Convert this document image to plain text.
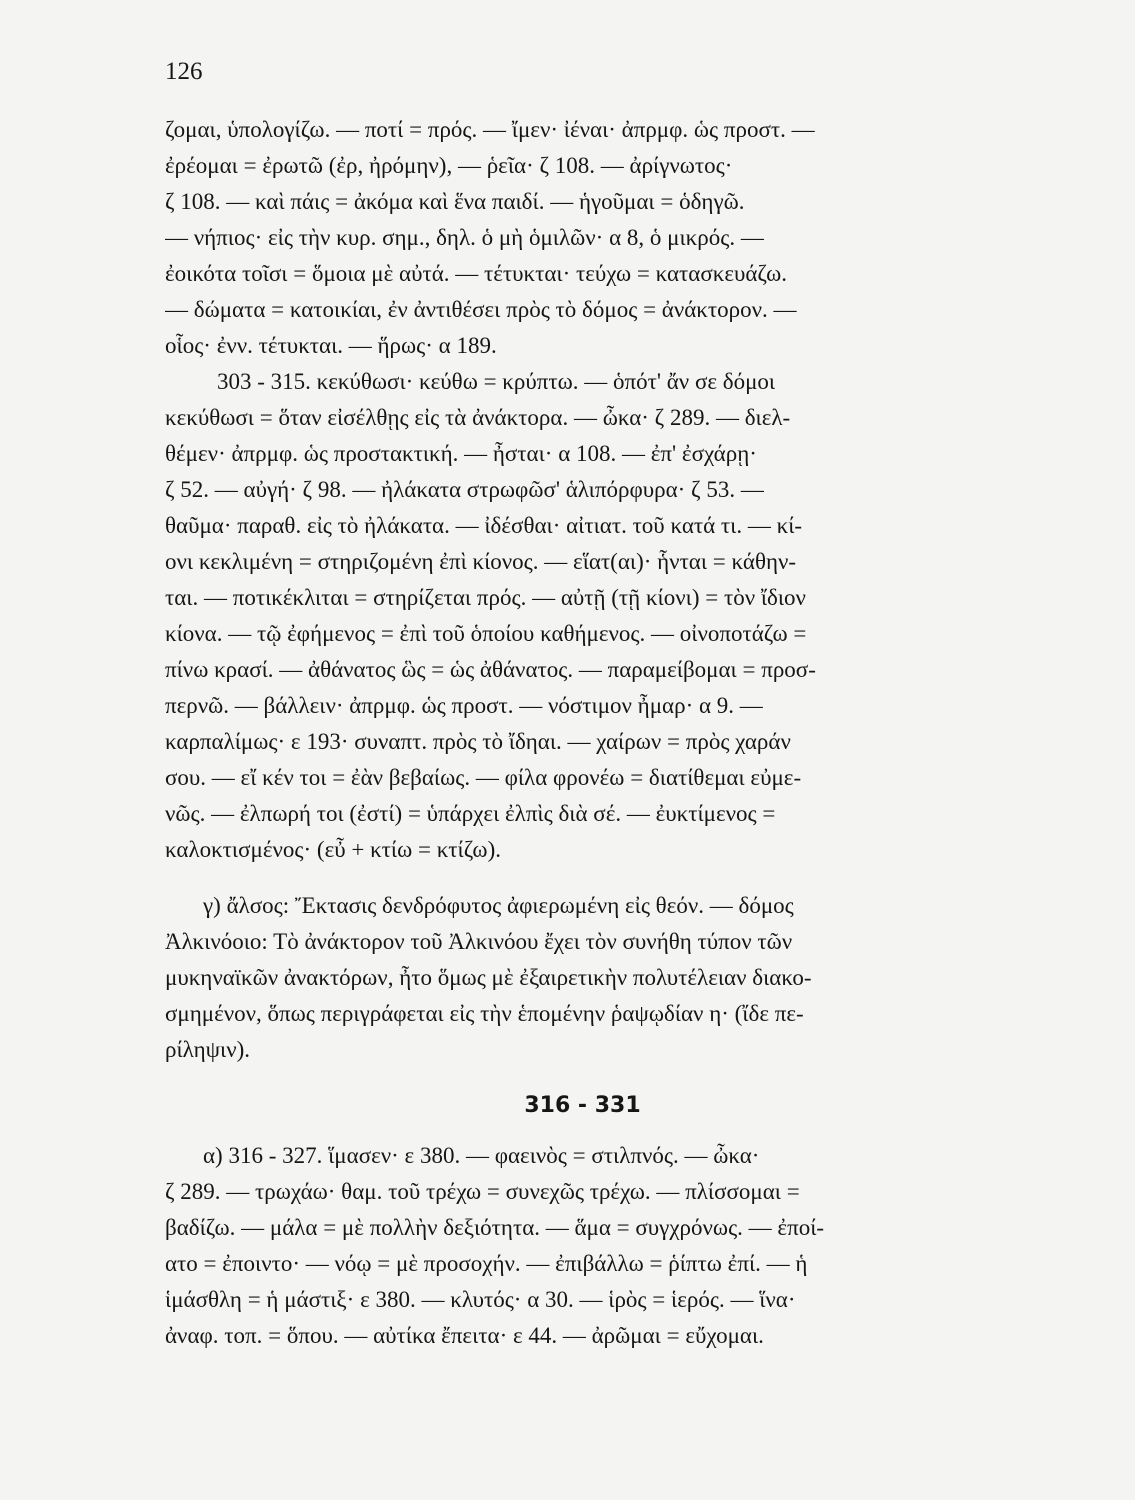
126
ζομαι, ὑπολογίζω. — ποτί = πρός. — ἴμεν· ἰέναι· ἀπρμφ. ὡς προστ. —
ἐρέομαι = ἐρωτῶ (ἐρ, ἠρόμην), — ῥεῖα· ζ 108. — ἀρίγνωτος·
ζ 108. — καὶ πάις = ἀκόμα καὶ ἕνα παιδί. — ἡγοῦμαι = ὁδηγῶ.
— νήπιος· εἰς τὴν κυρ. σημ., δηλ. ὁ μὴ ὁμιλῶν· α 8, ὁ μικρός. —
ἐοικότα τοῖσι = ὅμοια μὲ αὐτά. — τέτυκται· τεύχω = κατασκευάζω.
— δώματα = κατοικίαι, ἐν ἀντιθέσει πρὸς τὸ δόμος = ἀνάκτορον. —
οἷος· ἐνν. τέτυκται. — ἥρως· α 189.
303 - 315. κεκύθωσι· κεύθω = κρύπτω. — ὁπότ' ἄν σε δόμοι
κεκύθωσι = ὅταν εἰσέλθῃς εἰς τὰ ἀνάκτορα. — ὦκα· ζ 289. — διελ-
θέμεν· ἀπρμφ. ὡς προστακτική. — ἦσται· α 108. — ἐπ' ἐσχάρῃ·
ζ 52. — αὐγή· ζ 98. — ἠλάκατα στρωφῶσ' ἁλιπόρφυρα· ζ 53. —
θαῦμα· παραθ. εἰς τὸ ἠλάκατα. — ἰδέσθαι· αἰτιατ. τοῦ κατά τι. — κί-
ονι κεκλιμένη = στηριζομένη ἐπὶ κίονος. — εἵατ(αι)· ἧνται = κάθην-
ται. — ποτικέκλιται = στηρίζεται πρός. — αὐτῇ (τῇ κίονι) = τὸν ἴδιον
κίονα. — τῷ ἐφήμενος = ἐπὶ τοῦ ὁποίου καθήμενος. — οἰνοποτάζω =
πίνω κρασί. — ἀθάνατος ὣς = ὡς ἀθάνατος. — παραμείβομαι = προσ-
περνῶ. — βάλλειν· ἀπρμφ. ὡς προστ. — νόστιμον ἦμαρ· α 9. —
καρπαλίμως· ε 193· συναπτ. πρὸς τὸ ἴδηαι. — χαίρων = πρὸς χαράν
σου. — εἴ κέν τοι = ἐὰν βεβαίως. — φίλα φρονέω = διατίθεμαι εὐμε-
νῶς. — ἐλπωρή τοι (ἐστί) = ὑπάρχει ἐλπὶς διὰ σέ. — ἐυκτίμενος =
καλοκτισμένος· (εὖ + κτίω = κτίζω).
γ) ἄλσος: Ἔκτασις δενδρόφυτος ἀφιερωμένη εἰς θεόν. — δόμος
Ἀλκινόοιο: Τὸ ἀνάκτορον τοῦ Ἀλκινόου ἔχει τὸν συνήθη τύπον τῶν
μυκηναϊκῶν ἀνακτόρων, ἦτο ὅμως μὲ ἐξαιρετικὴν πολυτέλειαν διακο-
σμημένον, ὅπως περιγράφεται εἰς τὴν ἑπομένην ῥαψῳδίαν η· (ἴδε πε-
ρίληψιν).
316 - 331
α) 316 - 327. ἵμασεν· ε 380. — φαεινὸς = στιλπνός. — ὦκα·
ζ 289. — τρωχάω· θαμ. τοῦ τρέχω = συνεχῶς τρέχω. — πλίσσομαι =
βαδίζω. — μάλα = μὲ πολλὴν δεξιότητα. — ἅμα = συγχρόνως. — ἐποί-
ατο = ἐποιντο· — νόῳ = μὲ προσοχήν. — ἐπιβάλλω = ῥίπτω ἐπί. — ἡ
ἱμάσθλη = ἡ μάστιξ· ε 380. — κλυτός· α 30. — ἱρὸς = ἱερός. — ἵνα·
ἀναφ. τοπ. = ὅπου. — αὐτίκα ἔπειτα· ε 44. — ἀρῶμαι = εὔχομαι.
